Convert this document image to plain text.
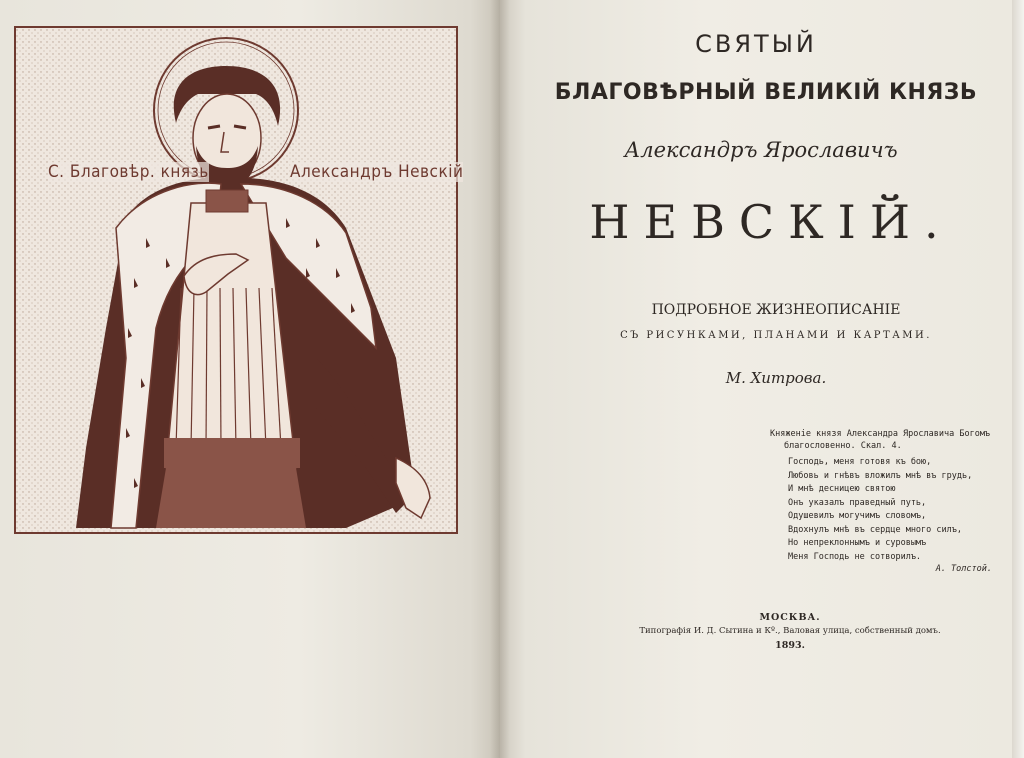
С. Благовѣр. князь	Александръ Невскій
СВЯТЫЙ
БЛАГОВѢРНЫЙ ВЕЛИКІЙ КНЯЗЬ
Александръ Ярославичъ
НЕВСКІЙ.
ПОДРОБНОЕ ЖИЗНЕОПИСАНІЕ
СЪ РИСУНКАМИ, ПЛАНАМИ И КАРТАМИ.
М. Хитрова.
Княженіе князя Александра Ярославича Богомъ
благословенно. Скал. 4.
Господь, меня готовя къ бою,
Любовь и гнѣвъ вложилъ мнѣ въ грудь,
И мнѣ десницею святою
Онъ указалъ праведный путь,
Одушевилъ могучимъ словомъ,
Вдохнулъ мнѣ въ сердце много силъ,
Но непреклоннымъ и суровымъ
Меня Господь не сотворилъ.
А. Толстой.
МОСКВА.
Типографія И. Д. Сытина и Кº., Валовая улица, собственный домъ.
1893.
